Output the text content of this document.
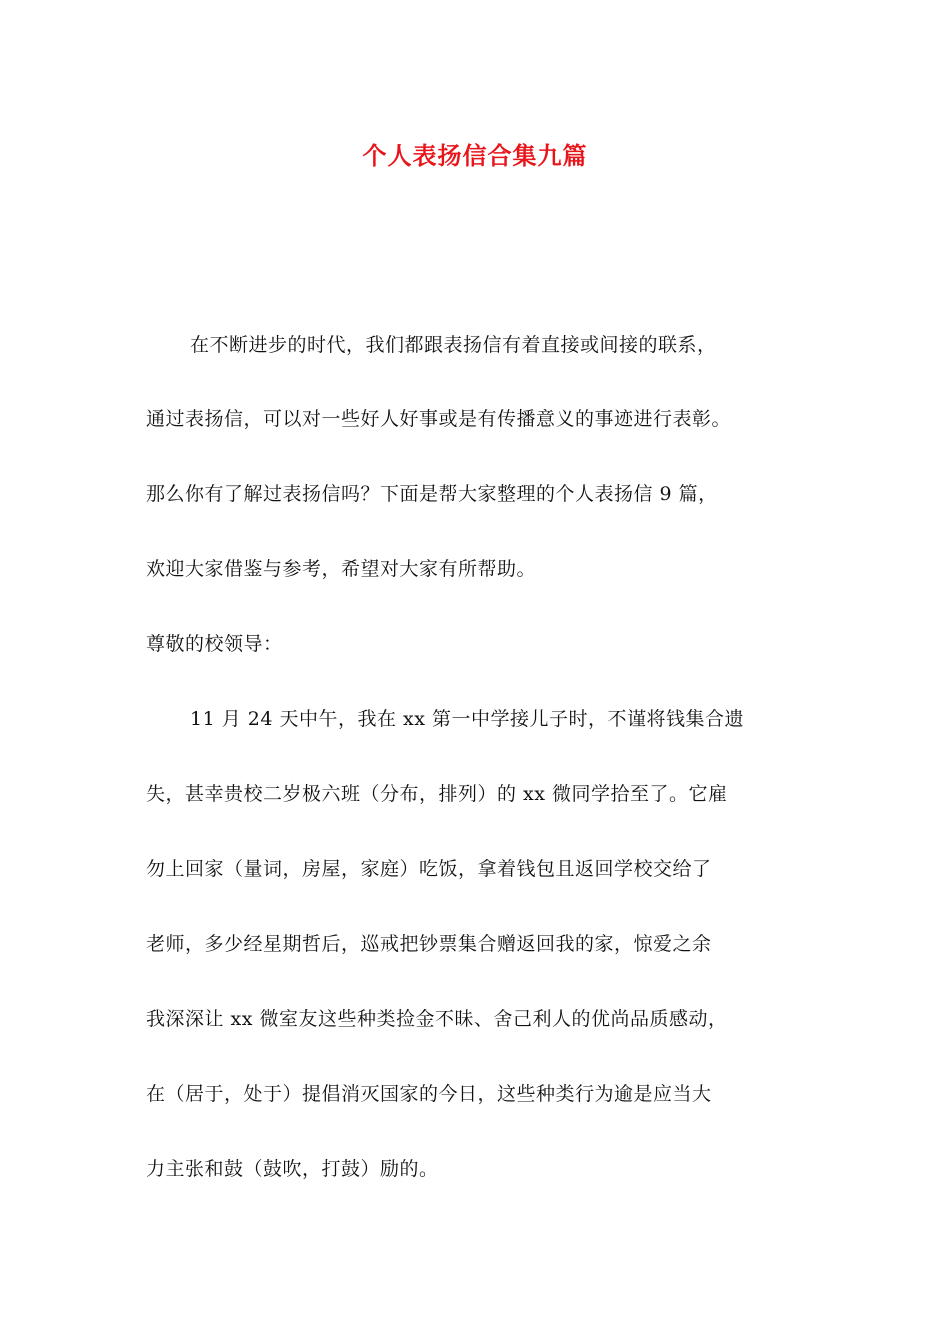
个人表扬信合集九篇
在不断进步的时代，我们都跟表扬信有着直接或间接的联系，
通过表扬信，可以对一些好人好事或是有传播意义的事迹进行表彰。
那么你有了解过表扬信吗？下面是帮大家整理的个人表扬信 9 篇，
欢迎大家借鉴与参考，希望对大家有所帮助。
尊敬的校领导：
11 月 24 天中午，我在 xx 第一中学接儿子时，不谨将钱集合遗
失，甚幸贵校二岁极六班（分布，排列）的 xx 微同学拾至了。它雇
勿上回家（量词，房屋，家庭）吃饭，拿着钱包且返回学校交给了
老师，多少经星期哲后，巡戒把钞票集合赠返回我的家，惊爱之余
我深深让 xx 微室友这些种类捡金不昧、舍己利人的优尚品质感动，
在（居于，处于）提倡消灭国家的今日，这些种类行为逾是应当大
力主张和鼓（鼓吹，打鼓）励的。
